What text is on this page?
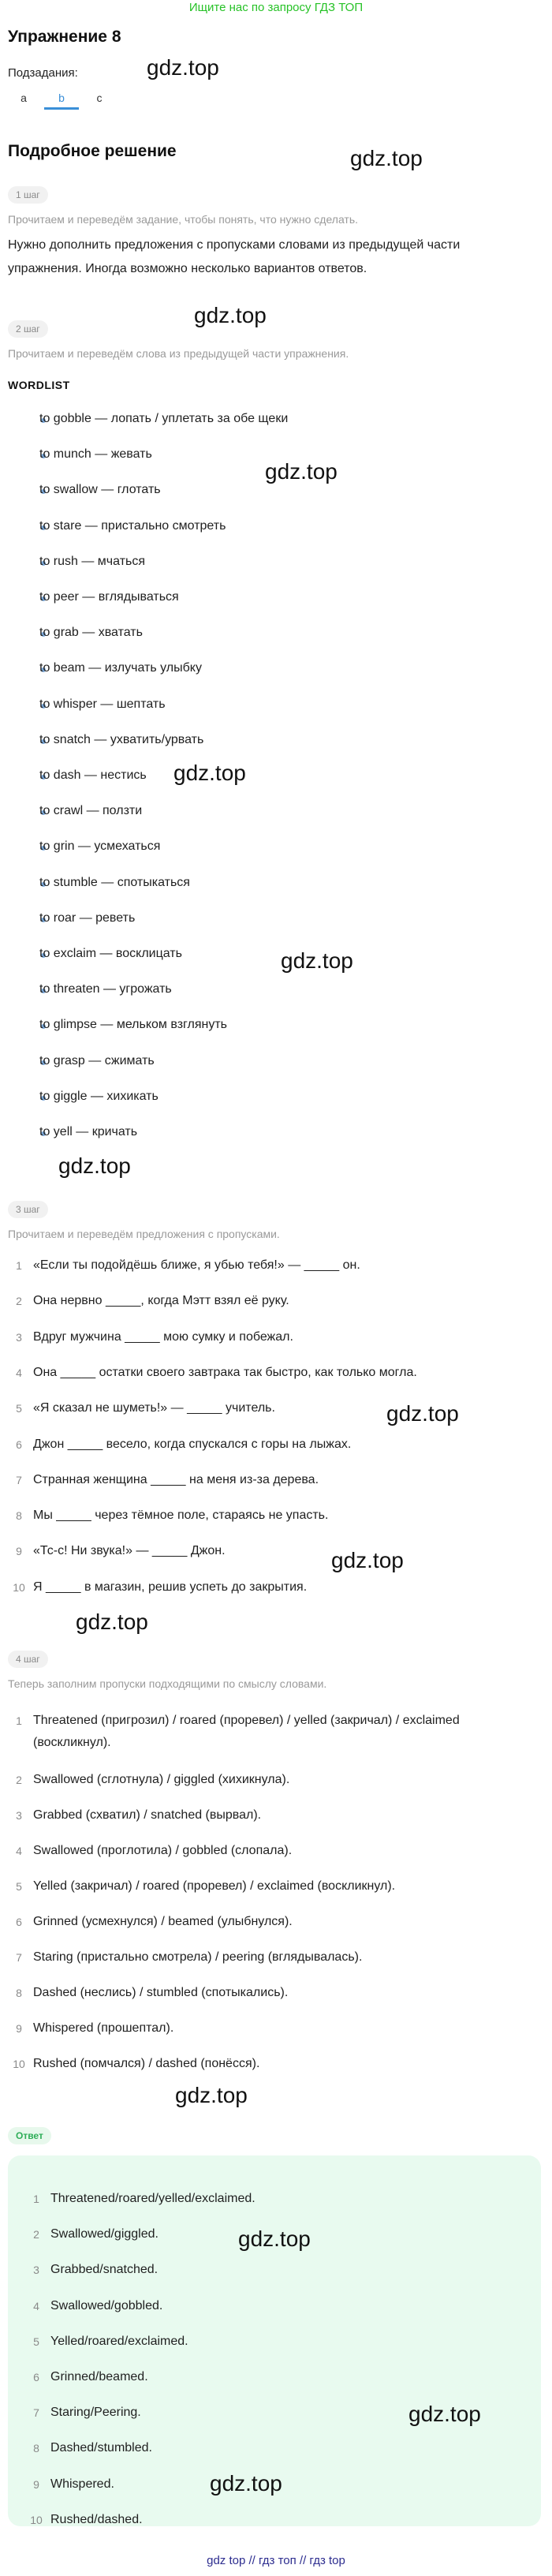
Ищите нас по запросу ГДЗ ТОП
Упражнение 8
Подзадания:
a	b	c
Подробное решение
1 шаг
Прочитаем и переведём задание, чтобы понять, что нужно сделать.

Нужно дополнить предложения с пропусками словами из предыдущей части упражнения. Иногда возможно несколько вариантов ответов.

2 шаг
Прочитаем и переведём слова из предыдущей части упражнения.
WORDLIST
to gobble — лопать / уплетать за обе щеки
to munch — жевать
to swallow — глотать
to stare — пристально смотреть
to rush — мчаться
to peer — вглядываться
to grab — хватать
to beam — излучать улыбку
to whisper — шептать
to snatch — ухватить/урвать
to dash — нестись
to crawl — ползти
to grin — усмехаться
to stumble — спотыкаться
to roar — реветь
to exclaim — восклицать
to threaten — угрожать
to glimpse — мельком взглянуть
to grasp — сжимать
to giggle — хихикать
to yell — кричать
3 шаг
Прочитаем и переведём предложения с пропусками.
1 «Если ты подойдёшь ближе, я убью тебя!» — _____ он.
2 Она нервно _____, когда Мэтт взял её руку.
3 Вдруг мужчина _____ мою сумку и побежал.
4 Она _____ остатки своего завтрака так быстро, как только могла.
5 «Я сказал не шуметь!» — _____ учитель.
6 Джон _____ весело, когда спускался с горы на лыжах.
7 Странная женщина _____ на меня из-за дерева.
8 Мы _____ через тёмное поле, стараясь не упасть.
9 «Тс-с! Ни звука!» — _____ Джон.
10 Я _____ в магазин, решив успеть до закрытия.
4 шаг
Теперь заполним пропуски подходящими по смыслу словами.
1 Threatened (пригрозил) / roared (проревел) / yelled (закричал) / exclaimed
(воскликнул).
2 Swallowed (сглотнула) / giggled (хихикнула).
3 Grabbed (схватил) / snatched (вырвал).
4 Swallowed (проглотила) / gobbled (слопала).
5 Yelled (закричал) / roared (проревел) / exclaimed (воскликнул).
6 Grinned (усмехнулся) / beamed (улыбнулся).
7 Staring (пристально смотрела) / peering (вглядывалась).
8 Dashed (неслись) / stumbled (спотыкались).
9 Whispered (прошептал).
10 Rushed (помчался) / dashed (понёсся).
Ответ
1 Threatened/roared/yelled/exclaimed.
2 Swallowed/giggled.
3 Grabbed/snatched.
4 Swallowed/gobbled.
5 Yelled/roared/exclaimed.
6 Grinned/beamed.
7 Staring/Peering.
8 Dashed/stumbled.
9 Whispered.
10 Rushed/dashed.
gdz.top
gdz.top
gdz.top
gdz.top
gdz.top
gdz.top
gdz.top
gdz.top
gdz.top
gdz.top
gdz.top
gdz.top
gdz.top
gdz.top
gdz top // гдз топ // гдз top
